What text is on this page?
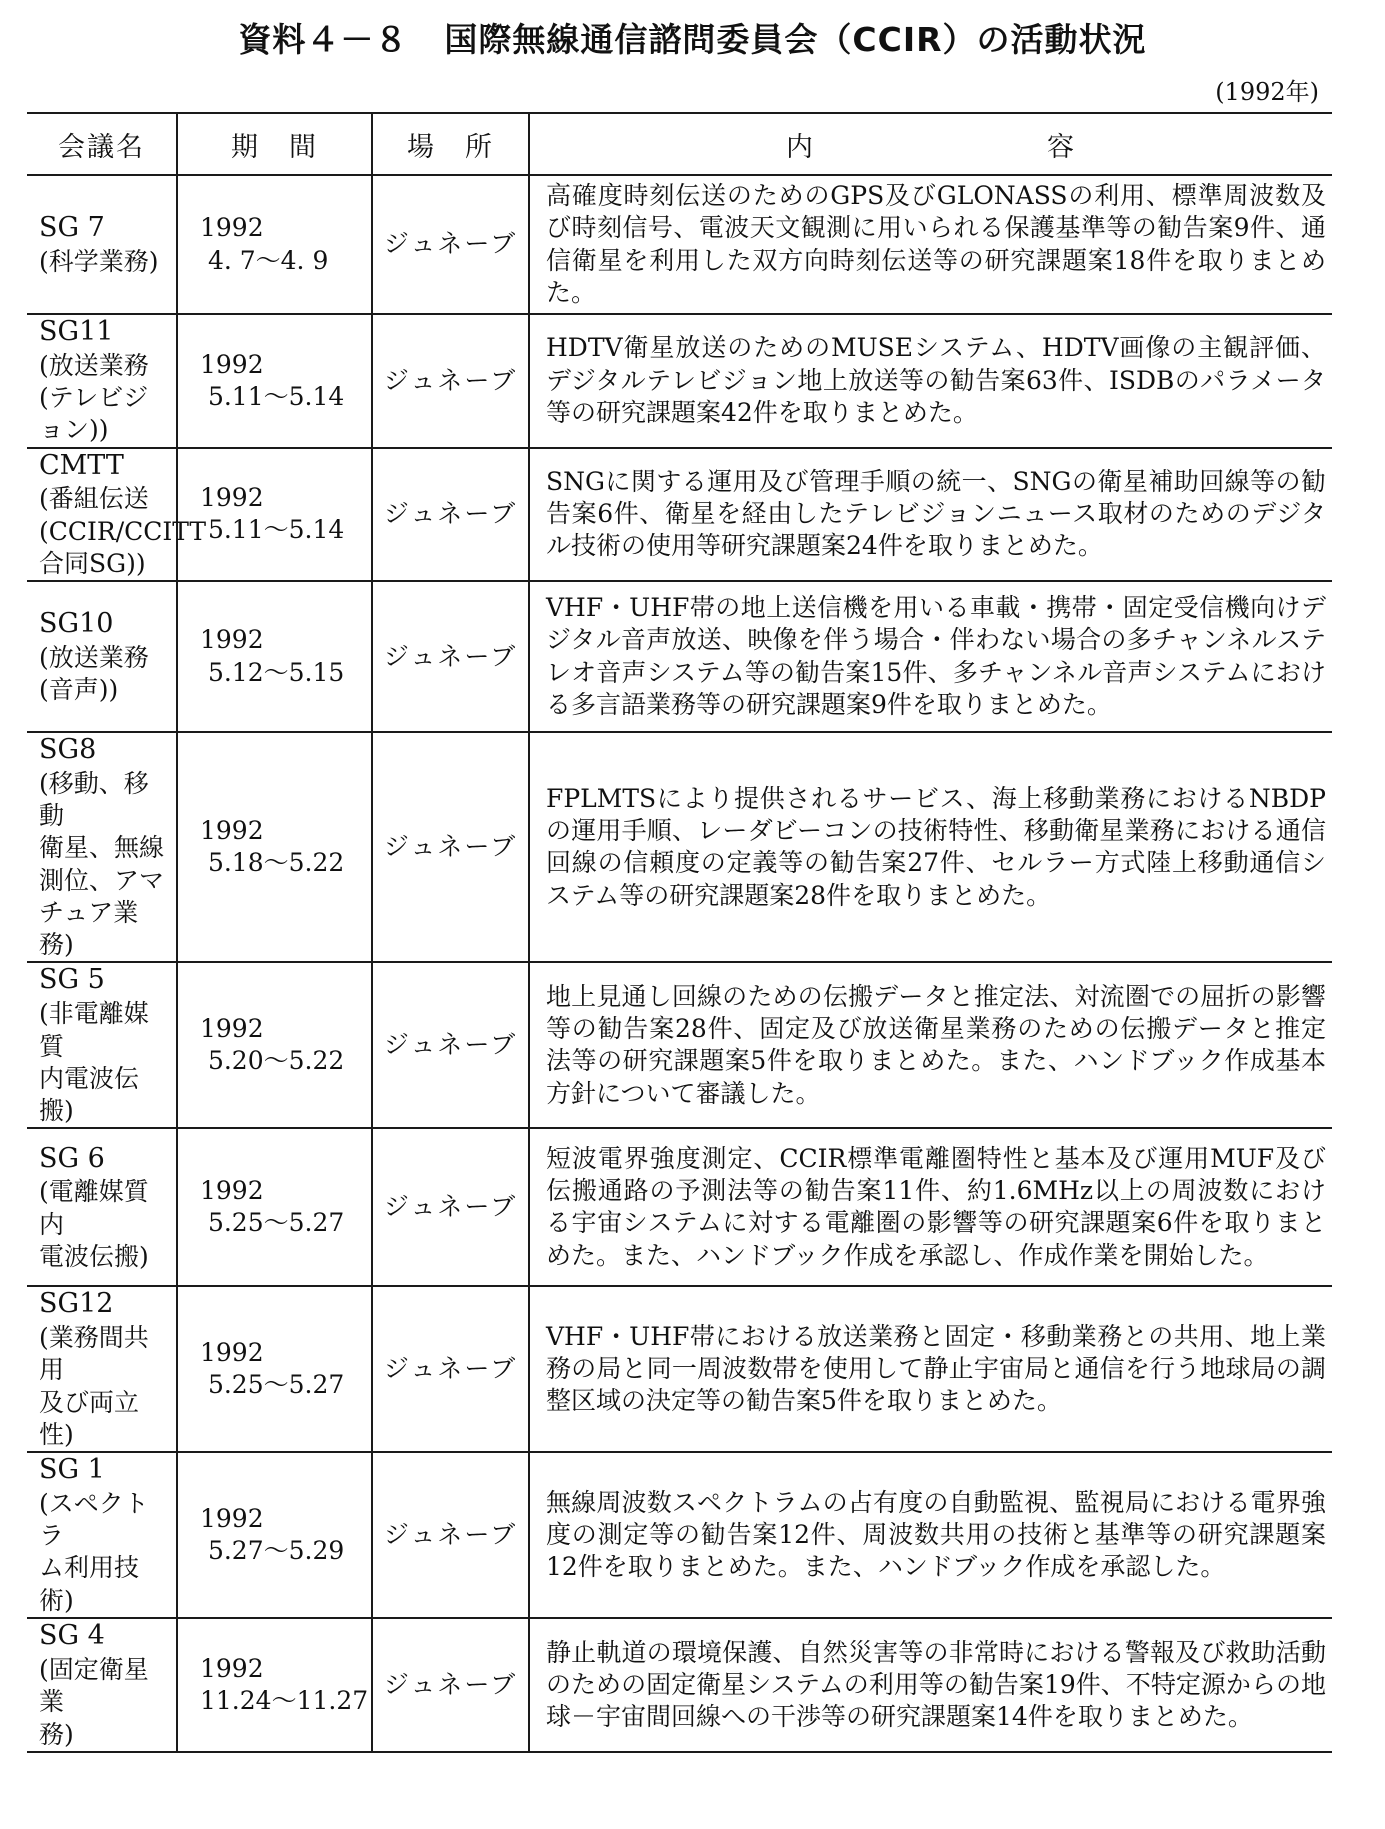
資料４－８ 国際無線通信諮問委員会（CCIR）の活動状況
(1992年)
会議名	期　間	場　所	内　　　　　　　　容

SG 7
(科学業務)	1992
4. 7～4. 9	ジュネーブ	高確度時刻伝送のためのGPS及びGLONASSの利用、標準周波数及び時刻信号、電波天文観測に用いられる保護基準等の勧告案9件、通信衛星を利用した双方向時刻伝送等の研究課題案18件を取りまとめた。

SG11
(放送業務
(テレビジョン))	1992
5.11～5.14	ジュネーブ	HDTV衛星放送のためのMUSEシステム、HDTV画像の主観評価、デジタルテレビジョン地上放送等の勧告案63件、ISDBのパラメータ等の研究課題案42件を取りまとめた。

CMTT
(番組伝送
(CCIR/CCITT
合同SG))	1992
5.11～5.14	ジュネーブ	SNGに関する運用及び管理手順の統一、SNGの衛星補助回線等の勧告案6件、衛星を経由したテレビジョンニュース取材のためのデジタル技術の使用等研究課題案24件を取りまとめた。

SG10
(放送業務
(音声))	1992
5.12～5.15	ジュネーブ	VHF・UHF帯の地上送信機を用いる車載・携帯・固定受信機向けデジタル音声放送、映像を伴う場合・伴わない場合の多チャンネルステレオ音声システム等の勧告案15件、多チャンネル音声システムにおける多言語業務等の研究課題案9件を取りまとめた。

SG8
(移動、移動
衛星、無線
測位、アマ
チュア業務)	1992
5.18～5.22	ジュネーブ	FPLMTSにより提供されるサービス、海上移動業務におけるNBDPの運用手順、レーダビーコンの技術特性、移動衛星業務における通信回線の信頼度の定義等の勧告案27件、セルラー方式陸上移動通信システム等の研究課題案28件を取りまとめた。

SG 5
(非電離媒質
内電波伝搬)	1992
5.20～5.22	ジュネーブ	地上見通し回線のための伝搬データと推定法、対流圏での屈折の影響等の勧告案28件、固定及び放送衛星業務のための伝搬データと推定法等の研究課題案5件を取りまとめた。また、ハンドブック作成基本方針について審議した。

SG 6
(電離媒質内
電波伝搬)	1992
5.25～5.27	ジュネーブ	短波電界強度測定、CCIR標準電離圏特性と基本及び運用MUF及び伝搬通路の予測法等の勧告案11件、約1.6MHz以上の周波数における宇宙システムに対する電離圏の影響等の研究課題案6件を取りまとめた。また、ハンドブック作成を承認し、作成作業を開始した。

SG12
(業務間共用
及び両立性)	1992
5.25～5.27	ジュネーブ	VHF・UHF帯における放送業務と固定・移動業務との共用、地上業務の局と同一周波数帯を使用して静止宇宙局と通信を行う地球局の調整区域の決定等の勧告案5件を取りまとめた。

SG 1
(スペクトラ
ム利用技術)	1992
5.27～5.29	ジュネーブ	無線周波数スペクトラムの占有度の自動監視、監視局における電界強度の測定等の勧告案12件、周波数共用の技術と基準等の研究課題案12件を取りまとめた。また、ハンドブック作成を承認した。

SG 4
(固定衛星業
務)	1992
11.24～11.27	ジュネーブ	静止軌道の環境保護、自然災害等の非常時における警報及び救助活動のための固定衛星システムの利用等の勧告案19件、不特定源からの地球－宇宙間回線への干渉等の研究課題案14件を取りまとめた。
